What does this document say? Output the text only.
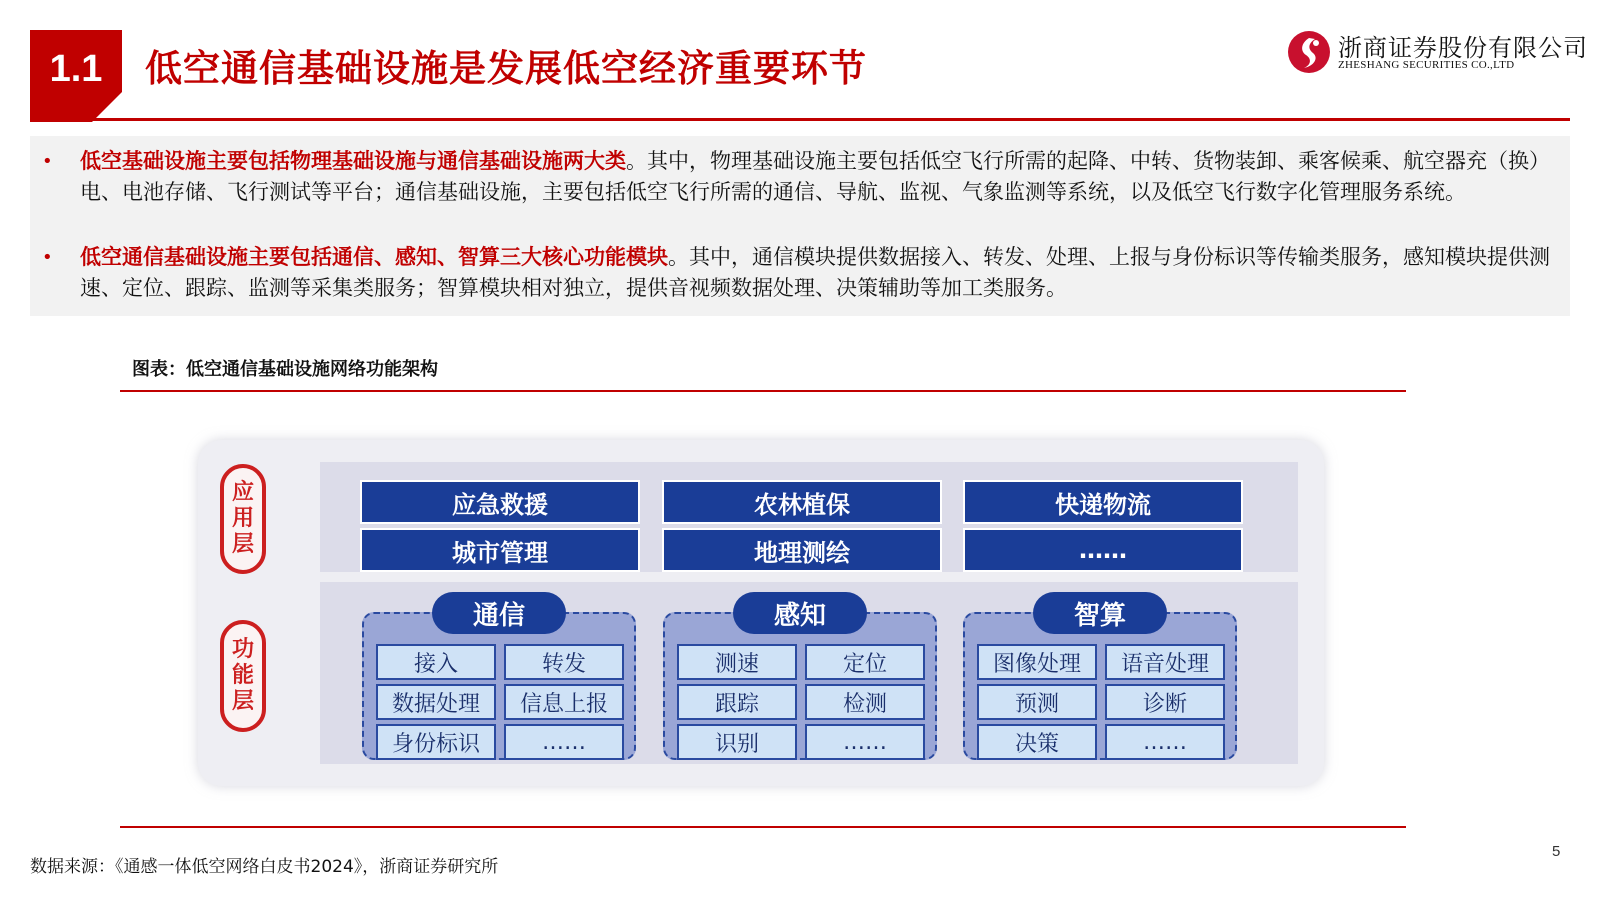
1.1	低空通信基础设施是发展低空经济重要环节	浙商证券股份有限公司
ZHESHANG SECURITIES CO.,LTD
• 低空基础设施主要包括物理基础设施与通信基础设施两大类。其中，物理基础设施主要包括低空飞行所需的起降、中转、货物装卸、乘客候乘、航空器充（换）电、电池存储、飞行测试等平台；通信基础设施，主要包括低空飞行所需的通信、导航、监视、气象监测等系统，以及低空飞行数字化管理服务系统。
• 低空通信基础设施主要包括通信、感知、智算三大核心功能模块。其中，通信模块提供数据接入、转发、处理、上报与身份标识等传输类服务，感知模块提供测速、定位、跟踪、监测等采集类服务；智算模块相对独立，提供音视频数据处理、决策辅助等加工类服务。
图表：低空通信基础设施网络功能架构
应用层
功能层
应急救援	农林植保	快递物流
城市管理	地理测绘	……
接入	转发
数据处理	信息上报
身份标识	……
通信
测速	定位
跟踪	检测
识别	……
感知
图像处理	语音处理
预测	诊断
决策	……
智算
数据来源：《通感一体低空网络白皮书2024》，浙商证券研究所
5
